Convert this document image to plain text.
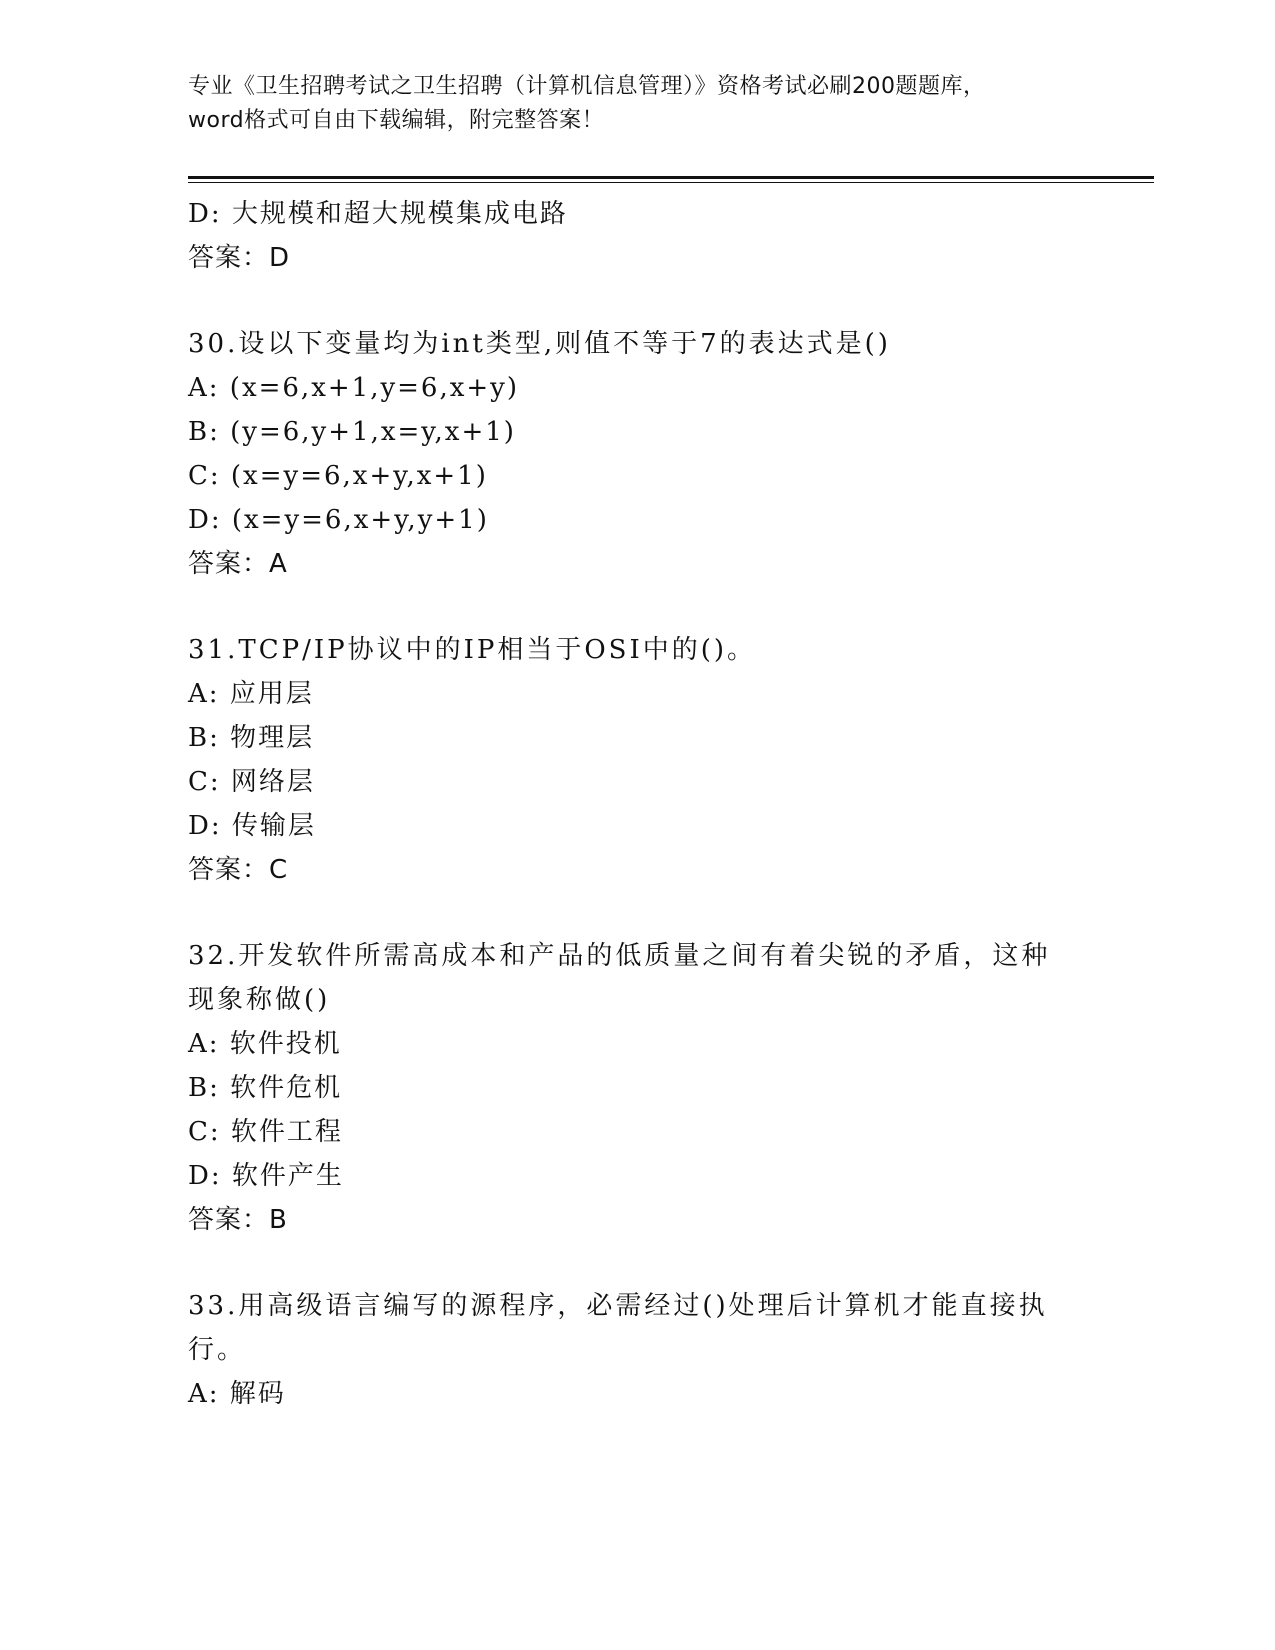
专业《卫生招聘考试之卫生招聘（计算机信息管理）》资格考试必刷200题题库，
word格式可自由下载编辑，附完整答案！
D: 大规模和超大规模集成电路
答案：D
30.设以下变量均为int类型,则值不等于7的表达式是()
A: (x=6,x+1,y=6,x+y)
B: (y=6,y+1,x=y,x+1)
C: (x=y=6,x+y,x+1)
D: (x=y=6,x+y,y+1)
答案：A
31.TCP/IP协议中的IP相当于OSI中的()。
A: 应用层
B: 物理层
C: 网络层
D: 传输层
答案：C
32.开发软件所需高成本和产品的低质量之间有着尖锐的矛盾，这种现象称做()
A: 软件投机
B: 软件危机
C: 软件工程
D: 软件产生
答案：B
33.用高级语言编写的源程序，必需经过()处理后计算机才能直接执行。
A: 解码
